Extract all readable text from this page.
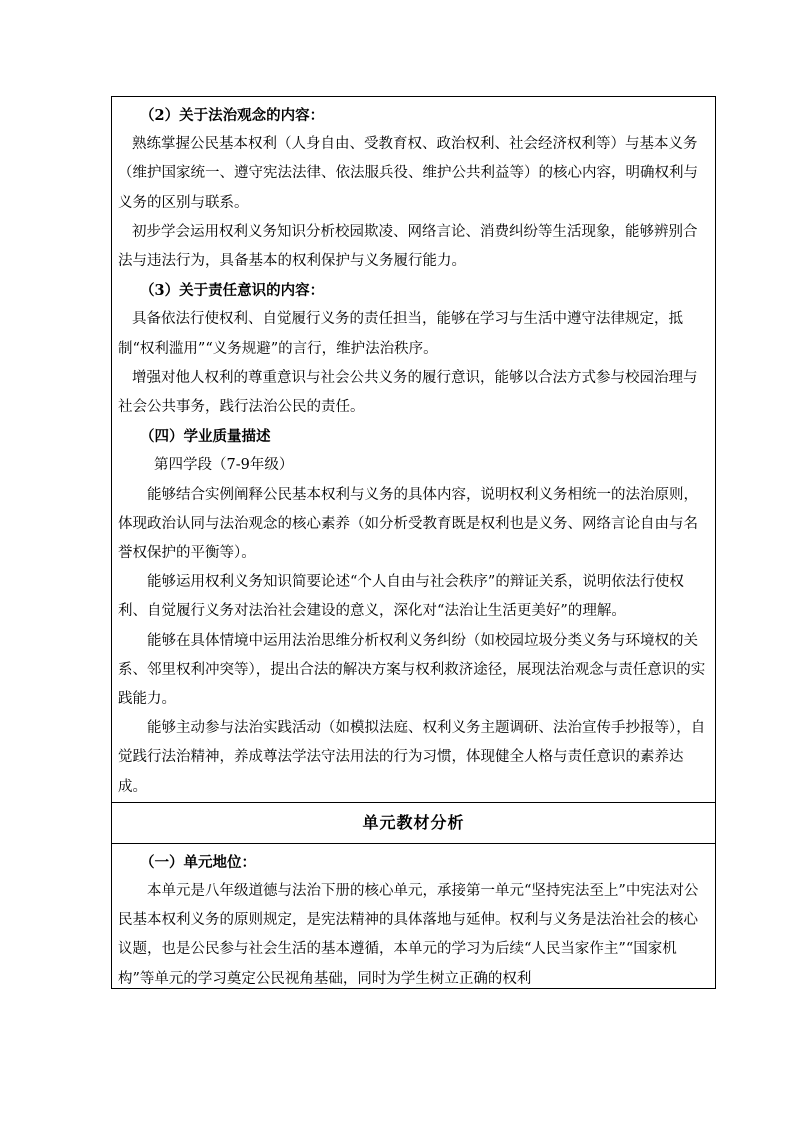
（2）关于法治观念的内容：

熟练掌握公民基本权利（人身自由、受教育权、政治权利、社会经济权利等）与基本义务（维护国家统一、遵守宪法法律、依法服兵役、维护公共利益等）的核心内容，明确权利与义务的区别与联系。

初步学会运用权利义务知识分析校园欺凌、网络言论、消费纠纷等生活现象，能够辨别合法与违法行为，具备基本的权利保护与义务履行能力。

（3）关于责任意识的内容：

具备依法行使权利、自觉履行义务的责任担当，能够在学习与生活中遵守法律规定，抵制“权利滥用”“义务规避”的言行，维护法治秩序。

增强对他人权利的尊重意识与社会公共义务的履行意识，能够以合法方式参与校园治理与社会公共事务，践行法治公民的责任。

（四）学业质量描述

第四学段（7-9年级）

能够结合实例阐释公民基本权利与义务的具体内容，说明权利义务相统一的法治原则，体现政治认同与法治观念的核心素养（如分析受教育既是权利也是义务、网络言论自由与名誉权保护的平衡等）。

能够运用权利义务知识简要论述“个人自由与社会秩序”的辩证关系，说明依法行使权利、自觉履行义务对法治社会建设的意义，深化对“法治让生活更美好”的理解。

能够在具体情境中运用法治思维分析权利义务纠纷（如校园垃圾分类义务与环境权的关系、邻里权利冲突等），提出合法的解决方案与权利救济途径，展现法治观念与责任意识的实践能力。

能够主动参与法治实践活动（如模拟法庭、权利义务主题调研、法治宣传手抄报等），自觉践行法治精神，养成尊法学法守法用法的行为习惯，体现健全人格与责任意识的素养达成。

单元教材分析

（一）单元地位：

本单元是八年级道德与法治下册的核心单元，承接第一单元“坚持宪法至上”中宪法对公民基本权利义务的原则规定，是宪法精神的具体落地与延伸。权利与义务是法治社会的核心议题，也是公民参与社会生活的基本遵循，本单元的学习为后续“人民当家作主”“国家机构”等单元的学习奠定公民视角基础，同时为学生树立正确的权利
